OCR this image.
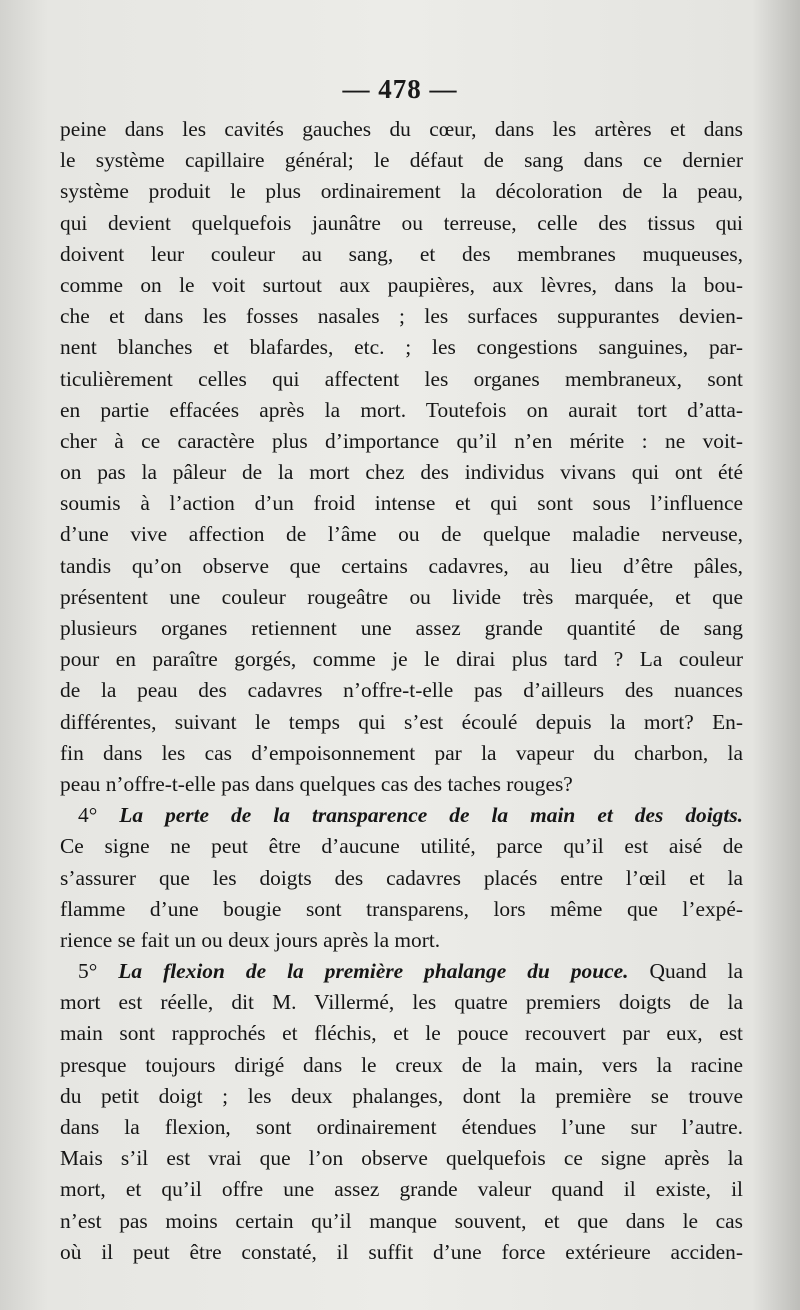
— 478 —
peine dans les cavités gauches du cœur, dans les artères et dans
le système capillaire général; le défaut de sang dans ce dernier
système produit le plus ordinairement la décoloration de la peau,
qui devient quelquefois jaunâtre ou terreuse, celle des tissus qui
doivent leur couleur au sang, et des membranes muqueuses,
comme on le voit surtout aux paupières, aux lèvres, dans la bou-
che et dans les fosses nasales ; les surfaces suppurantes devien-
nent blanches et blafardes, etc. ; les congestions sanguines, par-
ticulièrement celles qui affectent les organes membraneux, sont
en partie effacées après la mort. Toutefois on aurait tort d’atta-
cher à ce caractère plus d’importance qu’il n’en mérite : ne voit-
on pas la pâleur de la mort chez des individus vivans qui ont été
soumis à l’action d’un froid intense et qui sont sous l’influence
d’une vive affection de l’âme ou de quelque maladie nerveuse,
tandis qu’on observe que certains cadavres, au lieu d’être pâles,
présentent une couleur rougeâtre ou livide très marquée, et que
plusieurs organes retiennent une assez grande quantité de sang
pour en paraître gorgés, comme je le dirai plus tard ? La couleur
de la peau des cadavres n’offre-t-elle pas d’ailleurs des nuances
différentes, suivant le temps qui s’est écoulé depuis la mort? En-
fin dans les cas d’empoisonnement par la vapeur du charbon, la
peau n’offre-t-elle pas dans quelques cas des taches rouges?
4° La perte de la transparence de la main et des doigts.
Ce signe ne peut être d’aucune utilité, parce qu’il est aisé de
s’assurer que les doigts des cadavres placés entre l’œil et la
flamme d’une bougie sont transparens, lors même que l’expé-
rience se fait un ou deux jours après la mort.
5° La flexion de la première phalange du pouce. Quand la
mort est réelle, dit M. Villermé, les quatre premiers doigts de la
main sont rapprochés et fléchis, et le pouce recouvert par eux, est
presque toujours dirigé dans le creux de la main, vers la racine
du petit doigt ; les deux phalanges, dont la première se trouve
dans la flexion, sont ordinairement étendues l’une sur l’autre.
Mais s’il est vrai que l’on observe quelquefois ce signe après la
mort, et qu’il offre une assez grande valeur quand il existe, il
n’est pas moins certain qu’il manque souvent, et que dans le cas
où il peut être constaté, il suffit d’une force extérieure acciden-
